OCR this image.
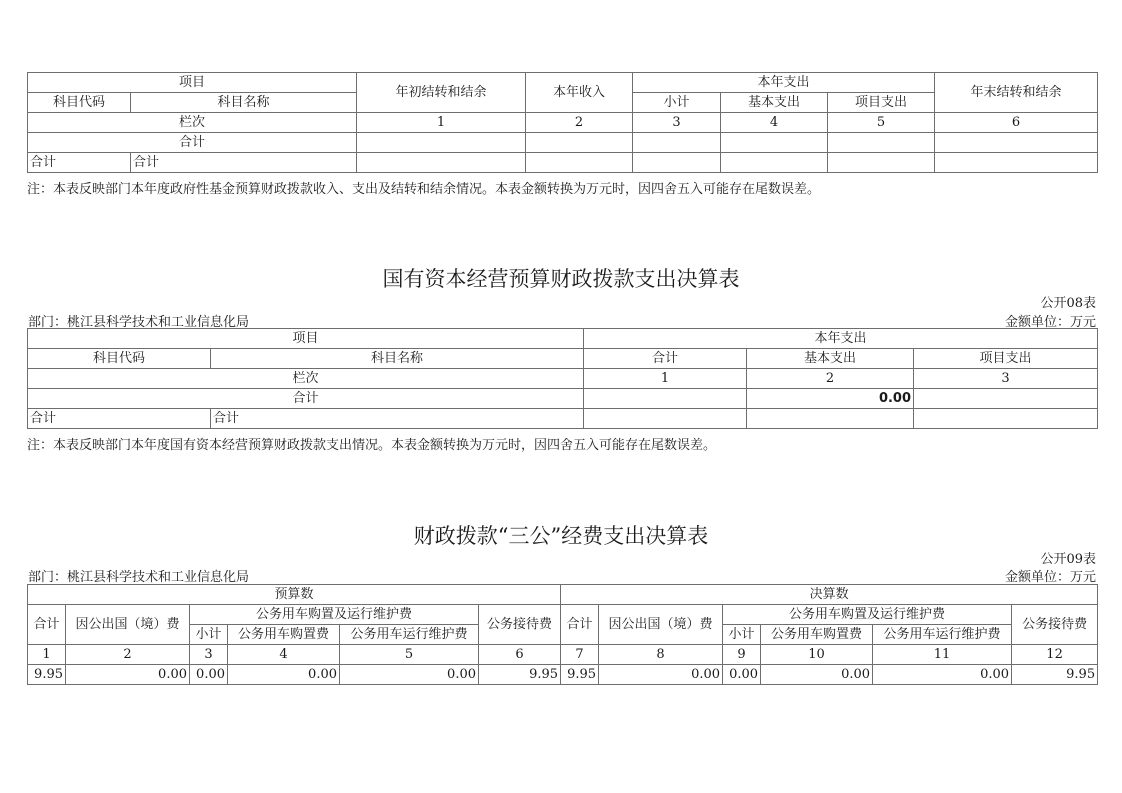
项目		年初结转和结余	本年收入	本年支出			年末结转和结余
科目代码	科目名称			小计	基本支出	项目支出	
栏次		1	2	3	4	5	6
合计							
合计	合计						
注：本表反映部门本年度政府性基金预算财政拨款收入、支出及结转和结余情况。本表金额转换为万元时，因四舍五入可能存在尾数误差。
国有资本经营预算财政拨款支出决算表
公开08表
部门：桃江县科学技术和工业信息化局	金额单位：万元
项目		本年支出		
科目代码	科目名称	合计	基本支出	项目支出
栏次		1	2	3
合计			0.00	
合计	合计			
注：本表反映部门本年度国有资本经营预算财政拨款支出情况。本表金额转换为万元时，因四舍五入可能存在尾数误差。
财政拨款“三公”经费支出决算表
公开09表
部门：桃江县科学技术和工业信息化局	金额单位：万元
预算数						决算数					
合计	因公出国（境）费	公务用车购置及运行维护费			公务接待费	合计	因公出国（境）费	公务用车购置及运行维护费			公务接待费
		小计	公务用车购置费	公务用车运行维护费				小计	公务用车购置费	公务用车运行维护费	
1	2	3	4	5	6	7	8	9	10	11	12
9.95	0.00	0.00	0.00	0.00	9.95	9.95	0.00	0.00	0.00	0.00	9.95
